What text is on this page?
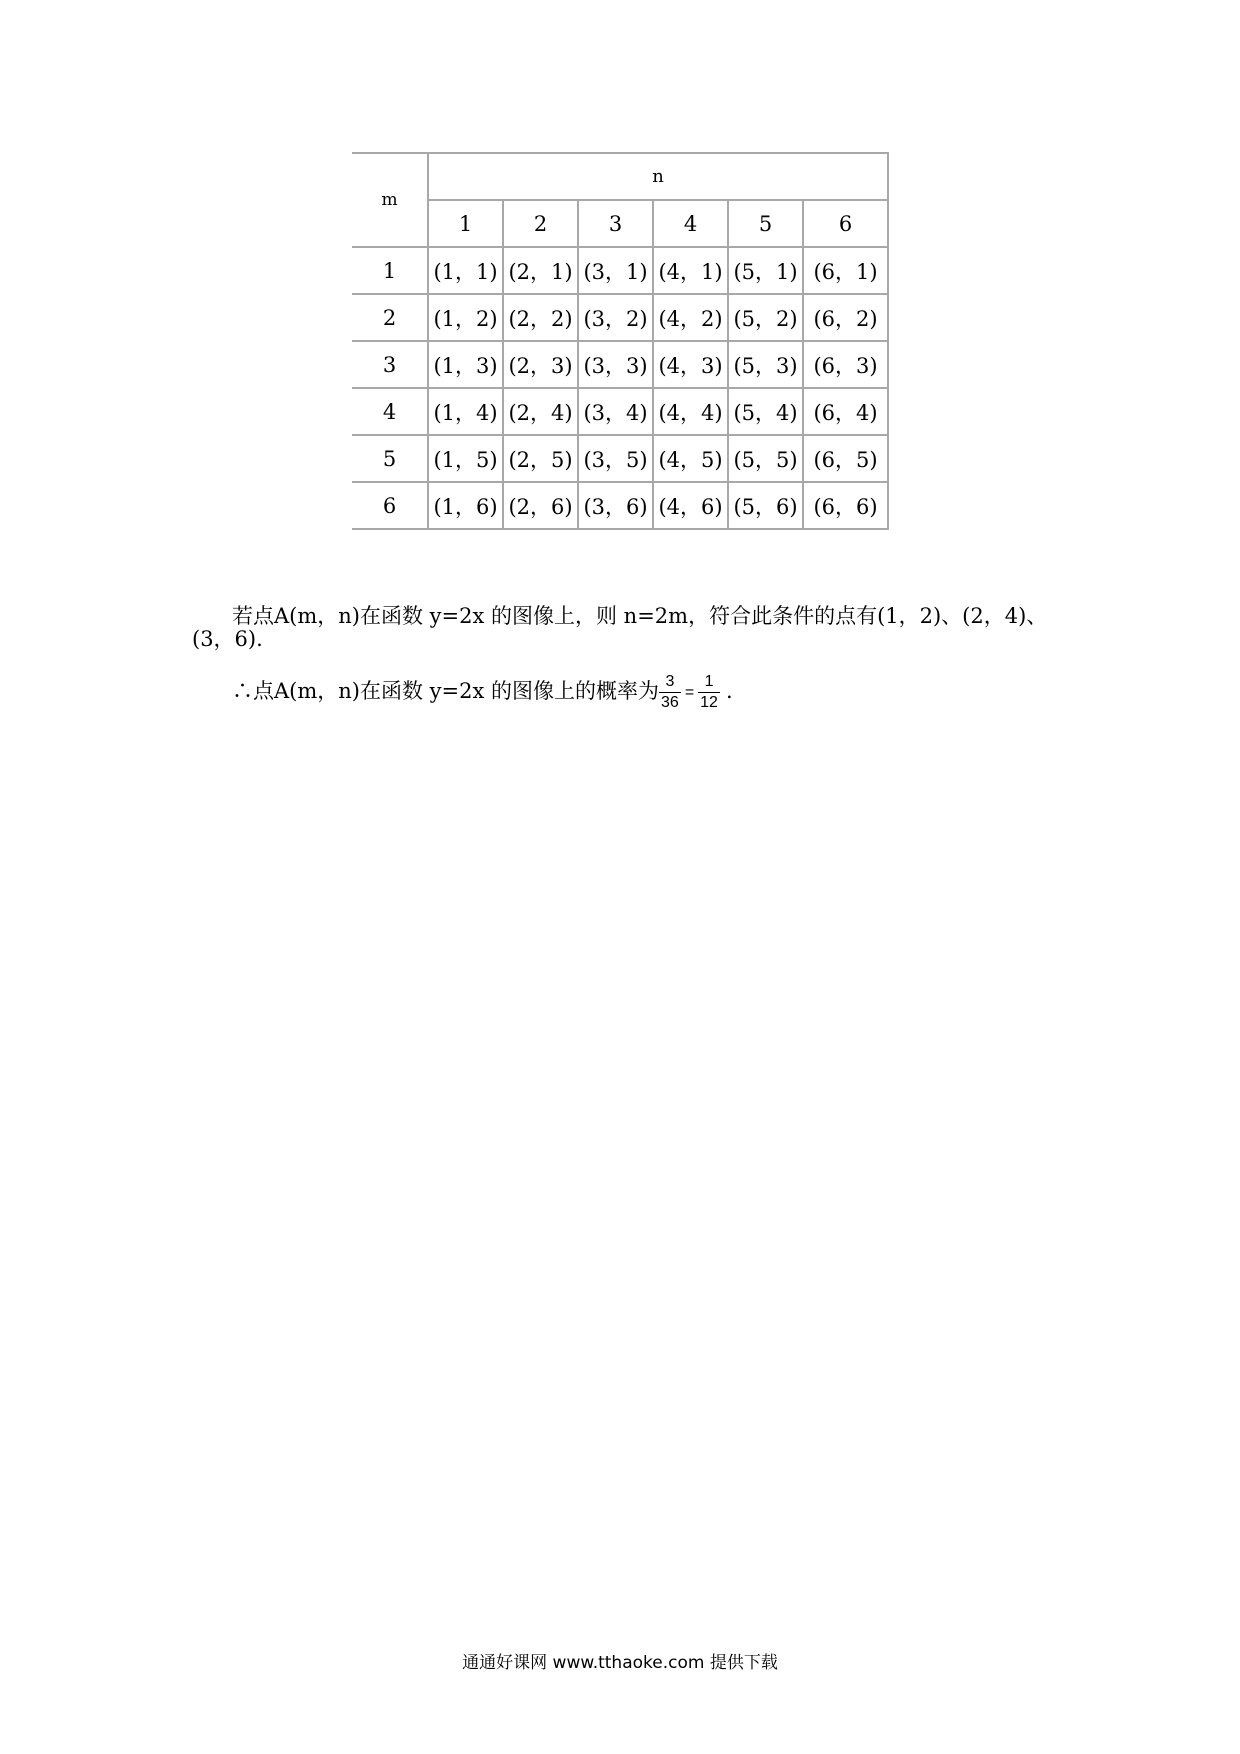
m	n					
	1	2	3	4	5	6
1	(1，1)	(2，1)	(3，1)	(4，1)	(5，1)	(6，1)
2	(1，2)	(2，2)	(3，2)	(4，2)	(5，2)	(6，2)
3	(1，3)	(2，3)	(3，3)	(4，3)	(5，3)	(6，3)
4	(1，4)	(2，4)	(3，4)	(4，4)	(5，4)	(6，4)
5	(1，5)	(2，5)	(3，5)	(4，5)	(5，5)	(6，5)
6	(1，6)	(2，6)	(3，6)	(4，6)	(5，6)	(6，6)
若点A(m，n)在函数 y=2x 的图像上，则 n=2m，符合此条件的点有(1，2)、(2，4)、
(3，6).
∴点A(m，n)在函数 y=2x 的图像上的概率为 $\frac{3}{36} = \frac{1}{12}$ .
通通好课网 www.tthaoke.com 提供下载
